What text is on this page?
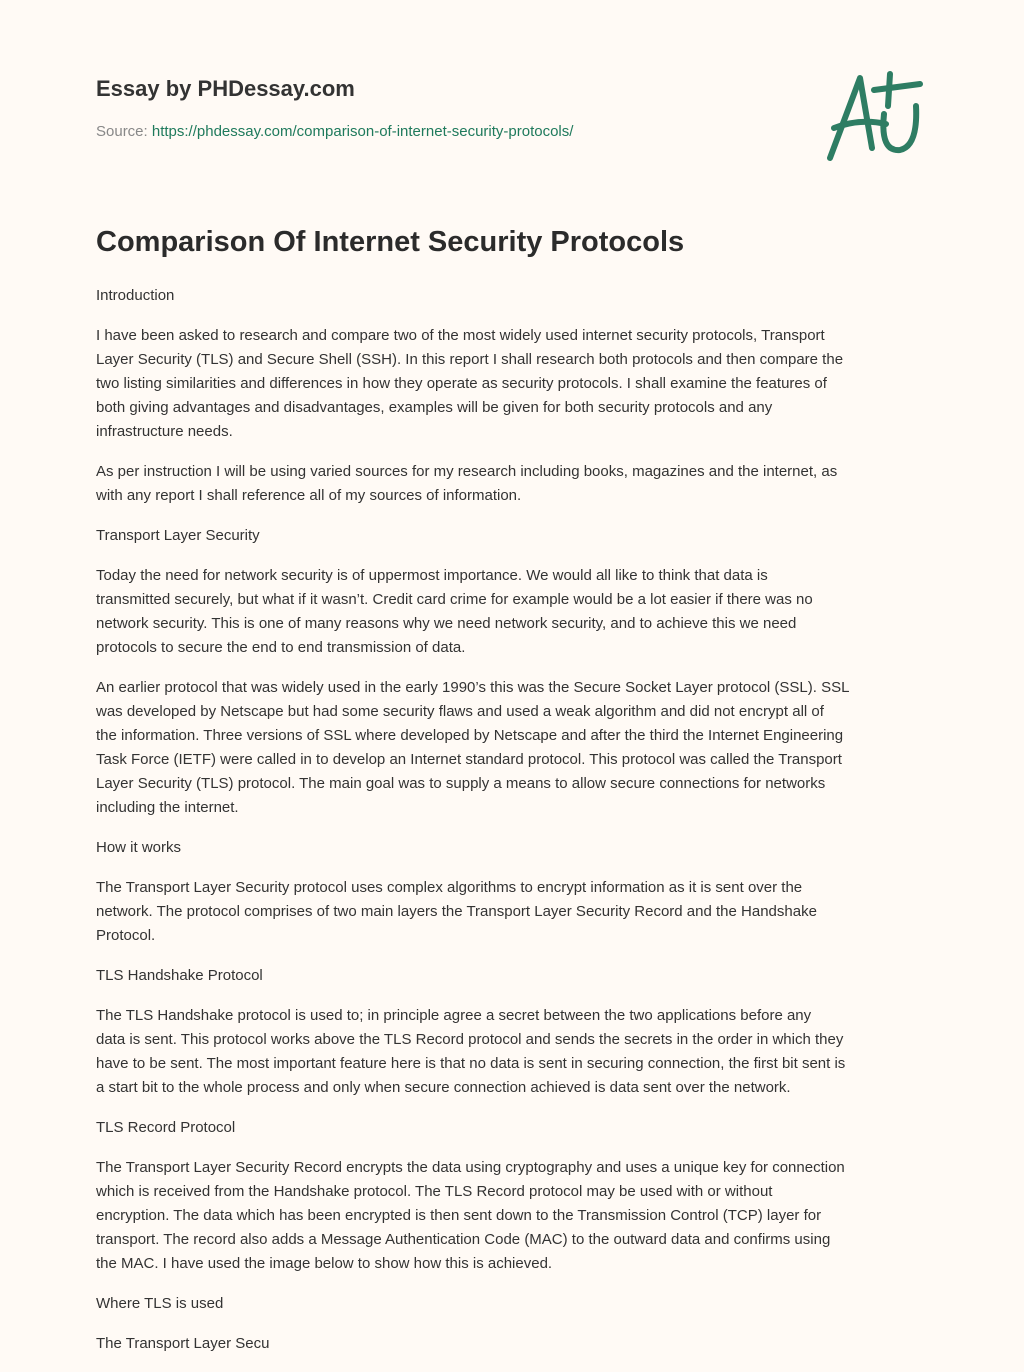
Essay by PHDessay.com
Source: https://phdessay.com/comparison-of-internet-security-protocols/
Comparison Of Internet Security Protocols

Introduction

I have been asked to research and compare two of the most widely used internet security protocols, Transport
Layer Security (TLS) and Secure Shell (SSH). In this report I shall research both protocols and then compare the
two listing similarities and differences in how they operate as security protocols. I shall examine the features of
both giving advantages and disadvantages, examples will be given for both security protocols and any
infrastructure needs.

As per instruction I will be using varied sources for my research including books, magazines and the internet, as
with any report I shall reference all of my sources of information.

Transport Layer Security

Today the need for network security is of uppermost importance. We would all like to think that data is
transmitted securely, but what if it wasn’t. Credit card crime for example would be a lot easier if there was no
network security. This is one of many reasons why we need network security, and to achieve this we need
protocols to secure the end to end transmission of data.

An earlier protocol that was widely used in the early 1990’s this was the Secure Socket Layer protocol (SSL). SSL
was developed by Netscape but had some security flaws and used a weak algorithm and did not encrypt all of
the information. Three versions of SSL where developed by Netscape and after the third the Internet Engineering
Task Force (IETF) were called in to develop an Internet standard protocol. This protocol was called the Transport
Layer Security (TLS) protocol. The main goal was to supply a means to allow secure connections for networks
including the internet.

How it works

The Transport Layer Security protocol uses complex algorithms to encrypt information as it is sent over the
network. The protocol comprises of two main layers the Transport Layer Security Record and the Handshake
Protocol.

TLS Handshake Protocol

The TLS Handshake protocol is used to; in principle agree a secret between the two applications before any
data is sent. This protocol works above the TLS Record protocol and sends the secrets in the order in which they
have to be sent. The most important feature here is that no data is sent in securing connection, the first bit sent is
a start bit to the whole process and only when secure connection achieved is data sent over the network.

TLS Record Protocol

The Transport Layer Security Record encrypts the data using cryptography and uses a unique key for connection
which is received from the Handshake protocol. The TLS Record protocol may be used with or without
encryption. The data which has been encrypted is then sent down to the Transmission Control (TCP) layer for
transport. The record also adds a Message Authentication Code (MAC) to the outward data and confirms using
the MAC. I have used the image below to show how this is achieved.

Where TLS is used

The Transport Layer Secu
